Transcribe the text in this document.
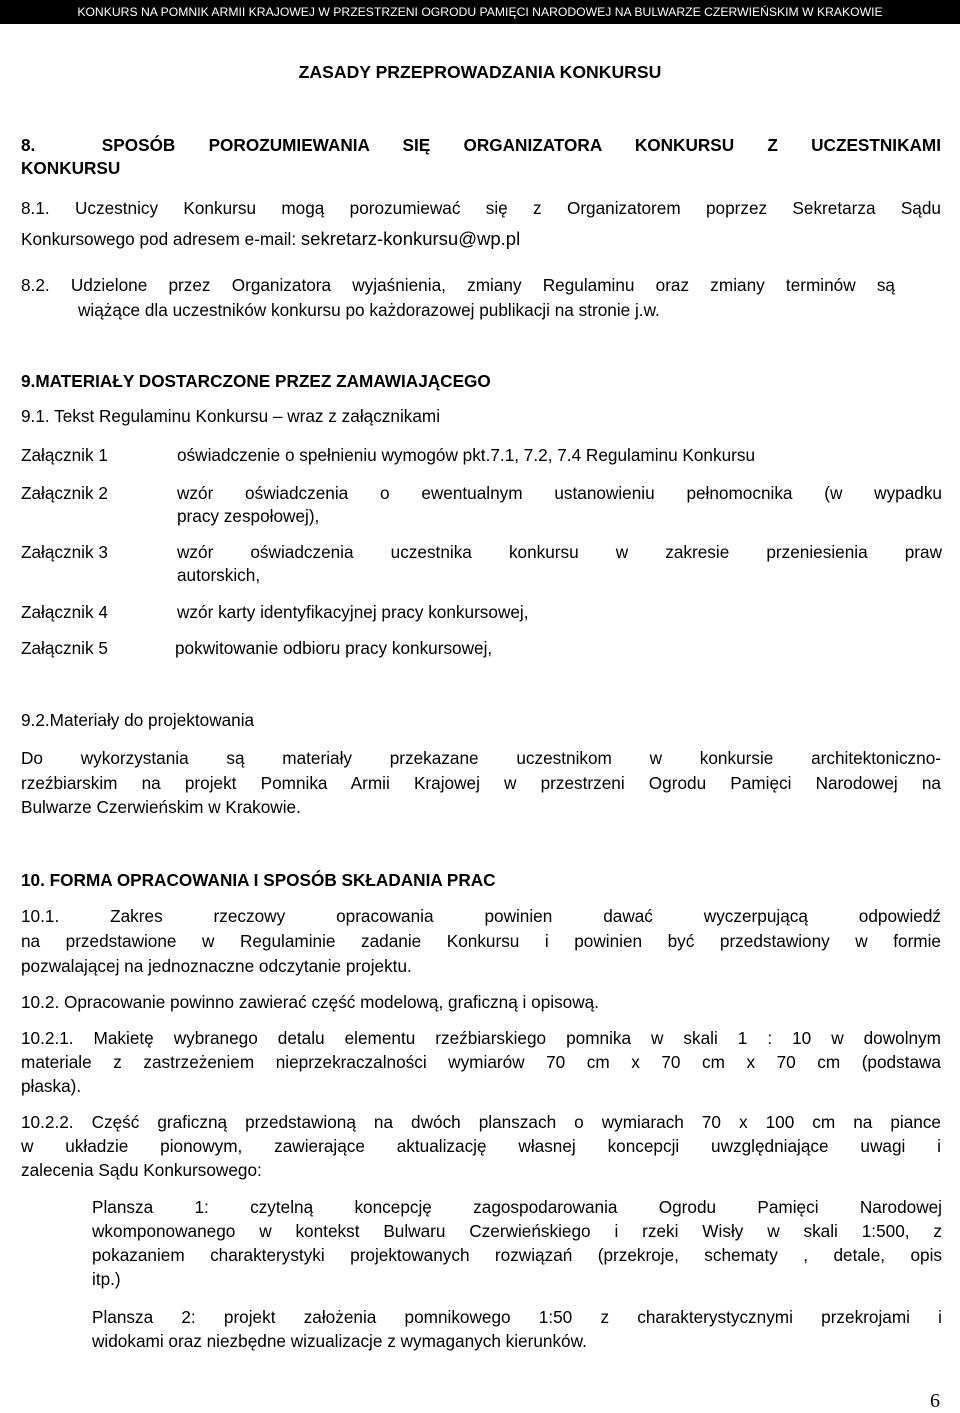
KONKURS NA POMNIK ARMII KRAJOWEJ W PRZESTRZENI OGRODU PAMIĘCI NARODOWEJ NA BULWARZE CZERWIEŃSKIM W KRAKOWIE
ZASADY PRZEPROWADZANIA KONKURSU
8.  SPOSÓB POROZUMIEWANIA SIĘ ORGANIZATORA KONKURSU Z UCZESTNIKAMI
KONKURSU
8.1. Uczestnicy Konkursu mogą porozumiewać się z Organizatorem poprzez Sekretarza Sądu
Konkursowego pod adresem e-mail: sekretarz-konkursu@wp.pl
8.2. Udzielone przez Organizatora wyjaśnienia, zmiany Regulaminu oraz zmiany terminów są
wiążące dla uczestników konkursu po każdorazowej publikacji na stronie j.w.
9.MATERIAŁY DOSTARCZONE PRZEZ ZAMAWIAJĄCEGO
9.1. Tekst Regulaminu Konkursu – wraz z załącznikami
Załącznik 1	oświadczenie o spełnieniu wymogów pkt.7.1, 7.2, 7.4 Regulaminu Konkursu
Załącznik 2	wzór oświadczenia o ewentualnym ustanowieniu pełnomocnika (w wypadku
pracy zespołowej),
Załącznik 3	wzór oświadczenia uczestnika konkursu w zakresie przeniesienia praw
autorskich,
Załącznik 4	wzór karty identyfikacyjnej pracy konkursowej,
Załącznik 5	pokwitowanie odbioru pracy konkursowej,
9.2.Materiały do projektowania
Do wykorzystania są materiały przekazane uczestnikom w konkursie architektoniczno-
rzeźbiarskim na projekt Pomnika Armii Krajowej w przestrzeni Ogrodu Pamięci Narodowej na
Bulwarze Czerwieńskim w Krakowie.
10. FORMA OPRACOWANIA I SPOSÓB SKŁADANIA PRAC
10.1. Zakres rzeczowy opracowania powinien dawać wyczerpującą odpowiedź
na przedstawione w Regulaminie zadanie Konkursu i powinien być przedstawiony w formie
pozwalającej na jednoznaczne odczytanie projektu.
10.2. Opracowanie powinno zawierać część modelową, graficzną i opisową.
10.2.1. Makietę wybranego detalu elementu rzeźbiarskiego pomnika w skali 1 : 10 w dowolnym
materiale z zastrzeżeniem nieprzekraczalności wymiarów 70 cm x 70 cm x 70 cm (podstawa
płaska).
10.2.2. Część graficzną przedstawioną na dwóch planszach o wymiarach 70 x 100 cm na piance
w układzie pionowym, zawierające aktualizację własnej koncepcji uwzględniające uwagi i
zalecenia Sądu Konkursowego:
Plansza 1: czytelną koncepcję zagospodarowania Ogrodu Pamięci Narodowej
wkomponowanego w kontekst Bulwaru Czerwieńskiego i rzeki Wisły w skali 1:500, z
pokazaniem charakterystyki projektowanych rozwiązań (przekroje, schematy , detale, opis
itp.)
Plansza 2: projekt założenia pomnikowego 1:50 z charakterystycznymi przekrojami i
widokami oraz niezbędne wizualizacje z wymaganych kierunków.
6
